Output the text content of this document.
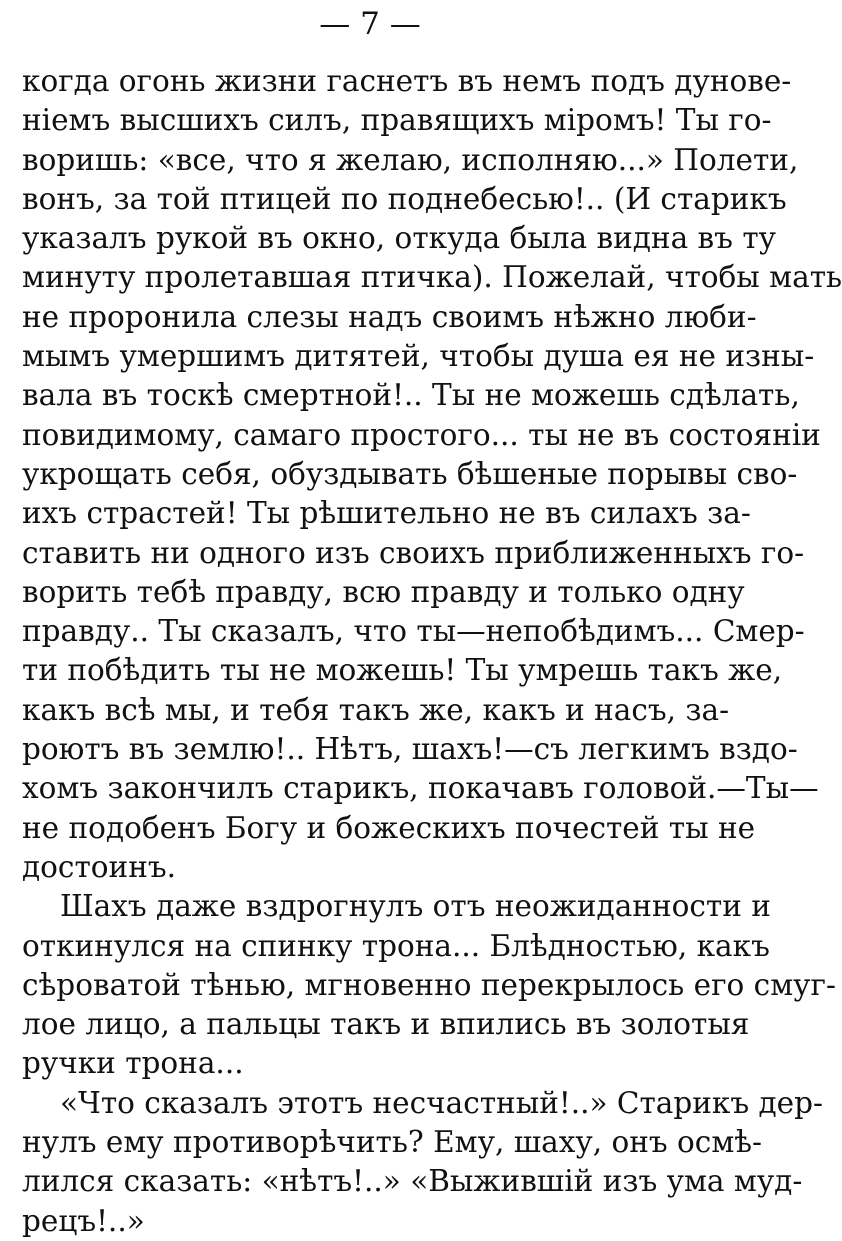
— 7 —
когда огонь жизни гаснетъ въ немъ подъ дунове-
ніемъ высшихъ силъ, правящихъ міромъ! Ты го-
воришь: «все, что я желаю, исполняю...» Полети,
вонъ, за той птицей по поднебесью!.. (И старикъ
указалъ рукой въ окно, откуда была видна въ ту
минуту пролетавшая птичка). Пожелай, чтобы мать
не проронила слезы надъ своимъ нѣжно люби-
мымъ умершимъ дитятей, чтобы душа ея не изны-
вала въ тоскѣ смертной!.. Ты не можешь сдѣлать,
повидимому, самаго простого... ты не въ состояніи
укрощать себя, обуздывать бѣшеные порывы сво-
ихъ страстей! Ты рѣшительно не въ силахъ за-
ставить ни одного изъ своихъ приближенныхъ го-
ворить тебѣ правду, всю правду и только одну
правду.. Ты сказалъ, что ты—непобѣдимъ... Смер-
ти побѣдить ты не можешь! Ты умрешь такъ же,
какъ всѣ мы, и тебя такъ же, какъ и насъ, за-
роютъ въ землю!.. Нѣтъ, шахъ!—съ легкимъ вздо-
хомъ закончилъ старикъ, покачавъ головой.—Ты—
не подобенъ Богу и божескихъ почестей ты не
достоинъ.
Шахъ даже вздрогнулъ отъ неожиданности и
откинулся на спинку трона... Блѣдностью, какъ
сѣроватой тѣнью, мгновенно перекрылось его смуг-
лое лицо, а пальцы такъ и впились въ золотыя
ручки трона...
«Что сказалъ этотъ несчастный!..» Старикъ дер-
нулъ ему противорѣчить? Ему, шаху, онъ осмѣ-
лился сказать: «нѣтъ!..» «Выжившій изъ ума муд-
рецъ!..»
